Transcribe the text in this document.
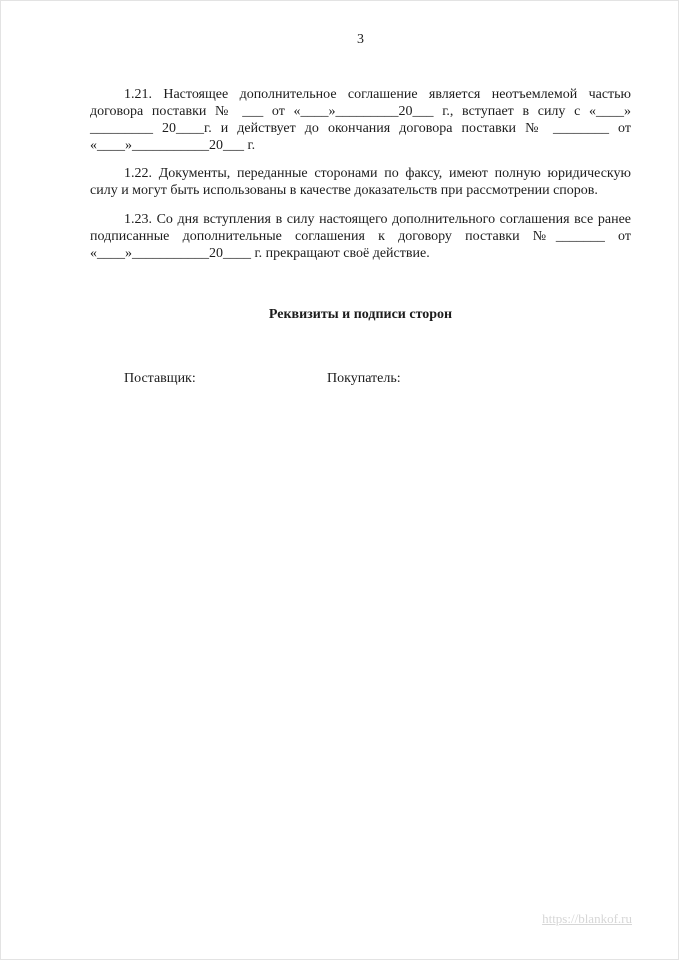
3
1.21. Настоящее дополнительное соглашение является неотъемлемой частью
договора поставки № ___ от «____»_________20___ г., вступает в силу с «____»
_________ 20____г. и действует до окончания договора поставки № ________ от
«____»___________20___ г.
1.22. Документы, переданные сторонами по факсу, имеют полную юридическую
силу и могут быть использованы в качестве доказательств при рассмотрении споров.
1.23. Со дня вступления в силу настоящего дополнительного соглашения все ранее
подписанные дополнительные соглашения к договору поставки №_______ от
«____»___________20____ г. прекращают своё действие.
Реквизиты и подписи сторон
Поставщик:	Покупатель:
https://blankof.ru
